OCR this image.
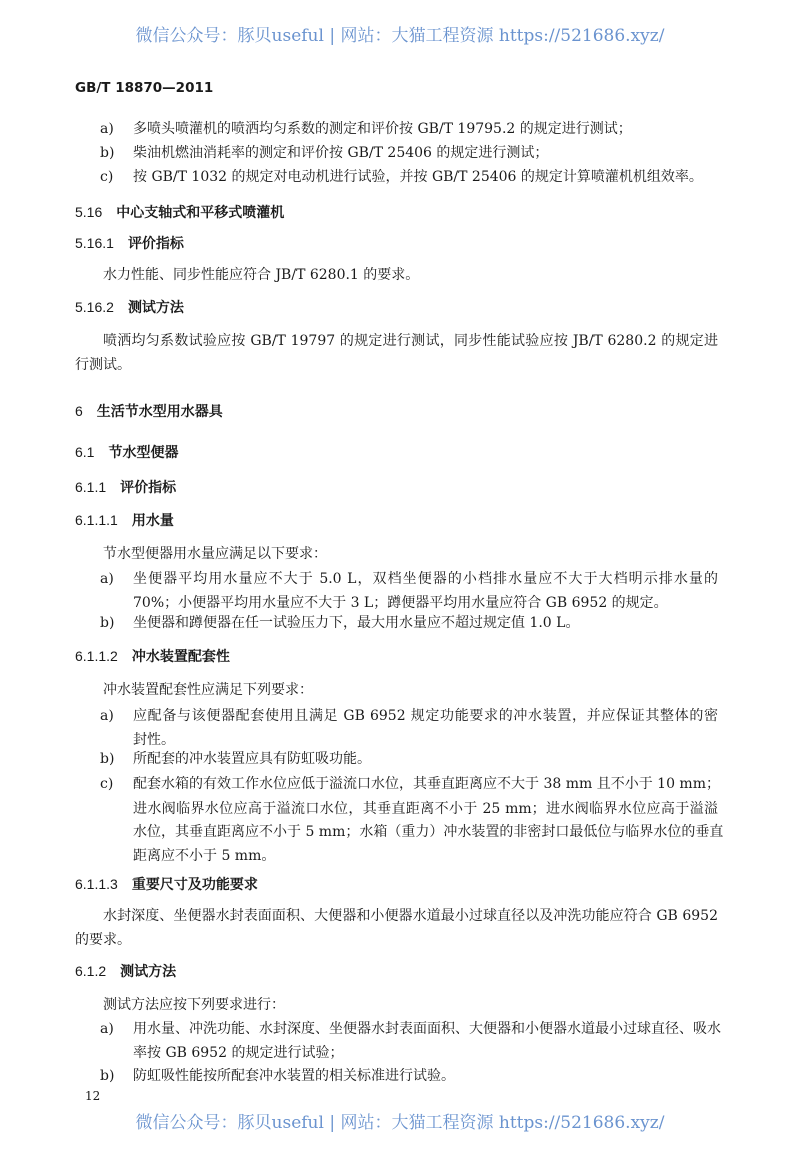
微信公众号：豚贝useful | 网站：大猫工程资源 https://521686.xyz/
GB/T 18870—2011
a) 多喷头喷灌机的喷洒均匀系数的测定和评价按 GB/T 19795.2 的规定进行测试；
b) 柴油机燃油消耗率的测定和评价按 GB/T 25406 的规定进行测试；
c) 按 GB/T 1032 的规定对电动机进行试验，并按 GB/T 25406 的规定计算喷灌机机组效率。
5.16 中心支轴式和平移式喷灌机
5.16.1 评价指标
水力性能、同步性能应符合 JB/T 6280.1 的要求。
5.16.2 测试方法
喷洒均匀系数试验应按 GB/T 19797 的规定进行测试，同步性能试验应按 JB/T 6280.2 的规定进
行测试。
6 生活节水型用水器具
6.1 节水型便器
6.1.1 评价指标
6.1.1.1 用水量
节水型便器用水量应满足以下要求：
a) 坐便器平均用水量应不大于 5.0 L，双档坐便器的小档排水量应不大于大档明示排水量的
70%；小便器平均用水量应不大于 3 L；蹲便器平均用水量应符合 GB 6952 的规定。
b) 坐便器和蹲便器在任一试验压力下，最大用水量应不超过规定值 1.0 L。
6.1.1.2 冲水装置配套性
冲水装置配套性应满足下列要求：
a) 应配备与该便器配套使用且满足 GB 6952 规定功能要求的冲水装置，并应保证其整体的密
封性。
b) 所配套的冲水装置应具有防虹吸功能。
c) 配套水箱的有效工作水位应低于溢流口水位，其垂直距离应不大于 38 mm 且不小于 10 mm；
进水阀临界水位应高于溢流口水位，其垂直距离不小于 25 mm；进水阀临界水位应高于溢溢
水位，其垂直距离应不小于 5 mm；水箱（重力）冲水装置的非密封口最低位与临界水位的垂直
距离应不小于 5 mm。
6.1.1.3 重要尺寸及功能要求
水封深度、坐便器水封表面面积、大便器和小便器水道最小过球直径以及冲洗功能应符合 GB 6952
的要求。
6.1.2 测试方法
测试方法应按下列要求进行：
a) 用水量、冲洗功能、水封深度、坐便器水封表面面积、大便器和小便器水道最小过球直径、吸水
率按 GB 6952 的规定进行试验；
b) 防虹吸性能按所配套冲水装置的相关标准进行试验。
12
微信公众号：豚贝useful | 网站：大猫工程资源 https://521686.xyz/
